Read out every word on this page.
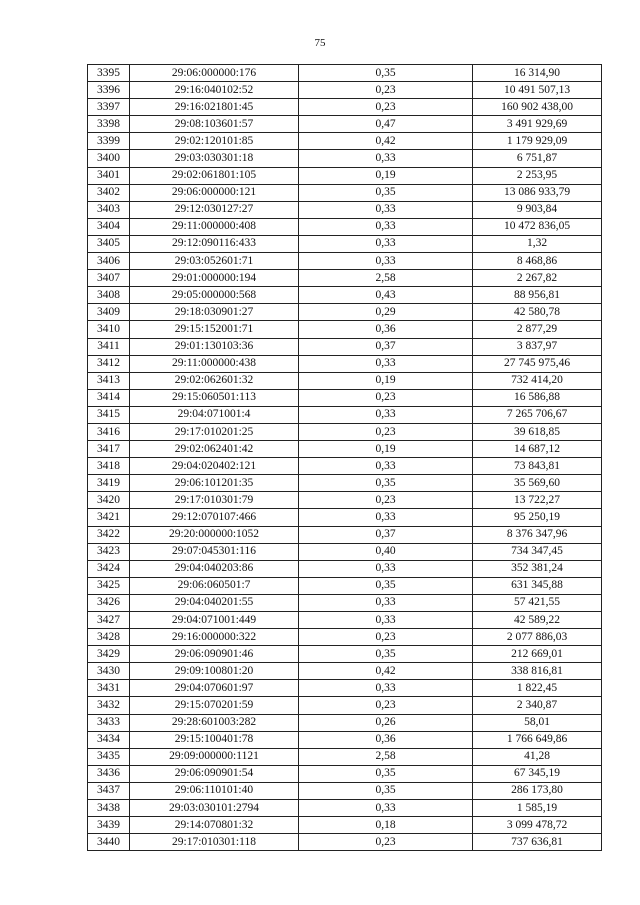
75
3395	29:06:000000:176	0,35	16 314,90
3396	29:16:040102:52	0,23	10 491 507,13
3397	29:16:021801:45	0,23	160 902 438,00
3398	29:08:103601:57	0,47	3 491 929,69
3399	29:02:120101:85	0,42	1 179 929,09
3400	29:03:030301:18	0,33	6 751,87
3401	29:02:061801:105	0,19	2 253,95
3402	29:06:000000:121	0,35	13 086 933,79
3403	29:12:030127:27	0,33	9 903,84
3404	29:11:000000:408	0,33	10 472 836,05
3405	29:12:090116:433	0,33	1,32
3406	29:03:052601:71	0,33	8 468,86
3407	29:01:000000:194	2,58	2 267,82
3408	29:05:000000:568	0,43	88 956,81
3409	29:18:030901:27	0,29	42 580,78
3410	29:15:152001:71	0,36	2 877,29
3411	29:01:130103:36	0,37	3 837,97
3412	29:11:000000:438	0,33	27 745 975,46
3413	29:02:062601:32	0,19	732 414,20
3414	29:15:060501:113	0,23	16 586,88
3415	29:04:071001:4	0,33	7 265 706,67
3416	29:17:010201:25	0,23	39 618,85
3417	29:02:062401:42	0,19	14 687,12
3418	29:04:020402:121	0,33	73 843,81
3419	29:06:101201:35	0,35	35 569,60
3420	29:17:010301:79	0,23	13 722,27
3421	29:12:070107:466	0,33	95 250,19
3422	29:20:000000:1052	0,37	8 376 347,96
3423	29:07:045301:116	0,40	734 347,45
3424	29:04:040203:86	0,33	352 381,24
3425	29:06:060501:7	0,35	631 345,88
3426	29:04:040201:55	0,33	57 421,55
3427	29:04:071001:449	0,33	42 589,22
3428	29:16:000000:322	0,23	2 077 886,03
3429	29:06:090901:46	0,35	212 669,01
3430	29:09:100801:20	0,42	338 816,81
3431	29:04:070601:97	0,33	1 822,45
3432	29:15:070201:59	0,23	2 340,87
3433	29:28:601003:282	0,26	58,01
3434	29:15:100401:78	0,36	1 766 649,86
3435	29:09:000000:1121	2,58	41,28
3436	29:06:090901:54	0,35	67 345,19
3437	29:06:110101:40	0,35	286 173,80
3438	29:03:030101:2794	0,33	1 585,19
3439	29:14:070801:32	0,18	3 099 478,72
3440	29:17:010301:118	0,23	737 636,81
